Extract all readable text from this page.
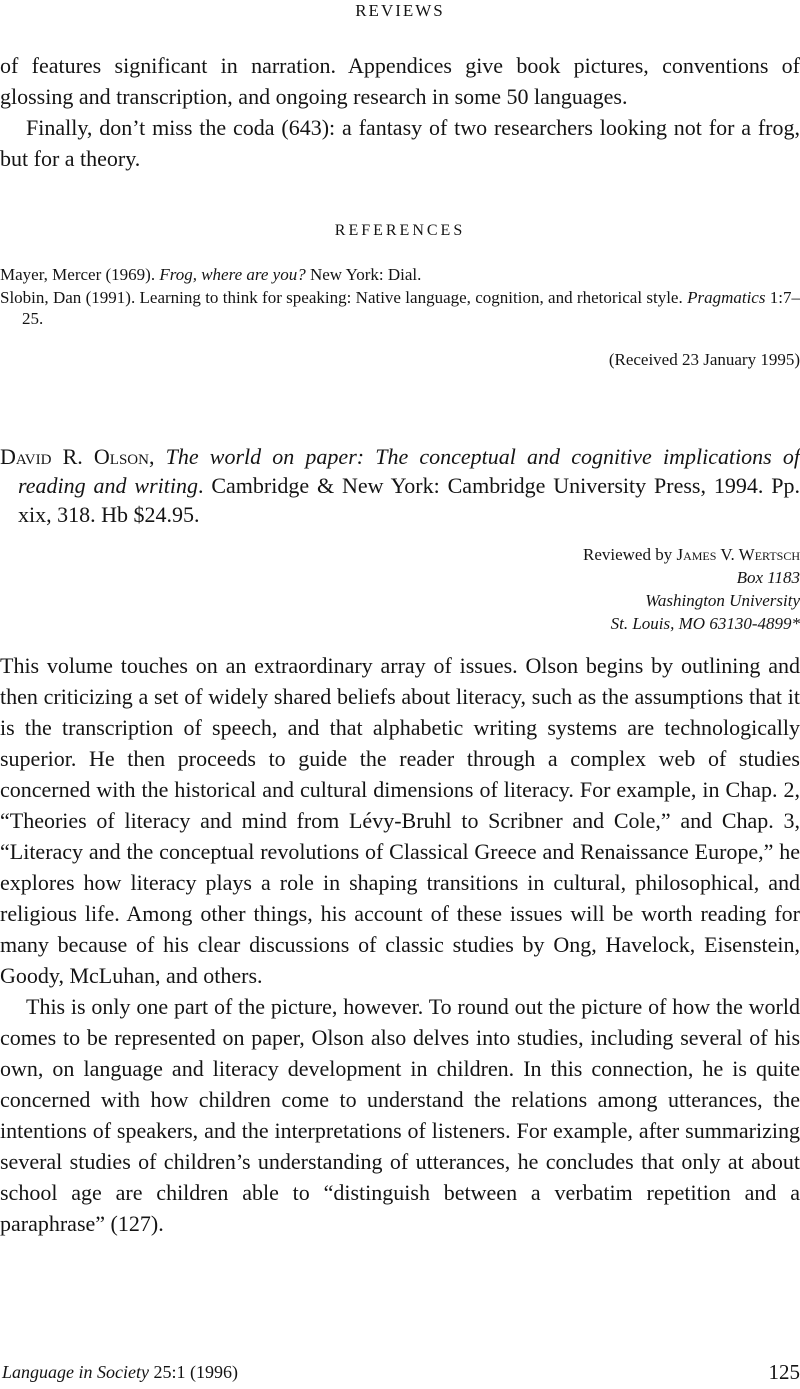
REVIEWS

of features significant in narration. Appendices give book pictures, conventions of glossing and transcription, and ongoing research in some 50 languages.

Finally, don’t miss the coda (643): a fantasy of two researchers looking not for a frog, but for a theory.

REFERENCES

Mayer, Mercer (1969). Frog, where are you? New York: Dial.
Slobin, Dan (1991). Learning to think for speaking: Native language, cognition, and rhetorical style. Pragmatics 1:7–25.

(Received 23 January 1995)

David R. Olson, The world on paper: The conceptual and cognitive implications of reading and writing. Cambridge & New York: Cambridge University Press, 1994. Pp. xix, 318. Hb $24.95.

Reviewed by James V. Wertsch

Box 1183

Washington University

St. Louis, MO 63130-4899*

This volume touches on an extraordinary array of issues. Olson begins by outlining and then criticizing a set of widely shared beliefs about literacy, such as the assumptions that it is the transcription of speech, and that alphabetic writing systems are technologically superior. He then proceeds to guide the reader through a complex web of studies concerned with the historical and cultural dimensions of literacy. For example, in Chap. 2, “Theories of literacy and mind from Lévy-Bruhl to Scribner and Cole,” and Chap. 3, “Literacy and the conceptual revolutions of Classical Greece and Renaissance Europe,” he explores how literacy plays a role in shaping transitions in cultural, philosophical, and religious life. Among other things, his account of these issues will be worth reading for many because of his clear discussions of classic studies by Ong, Havelock, Eisenstein, Goody, McLuhan, and others.

This is only one part of the picture, however. To round out the picture of how the world comes to be represented on paper, Olson also delves into studies, including several of his own, on language and literacy development in children. In this connection, he is quite concerned with how children come to understand the relations among utterances, the intentions of speakers, and the interpretations of listeners. For example, after summarizing several studies of children’s understanding of utterances, he concludes that only at about school age are children able to “distinguish between a verbatim repetition and a paraphrase” (127).

Language in Society 25:1 (1996)	125
